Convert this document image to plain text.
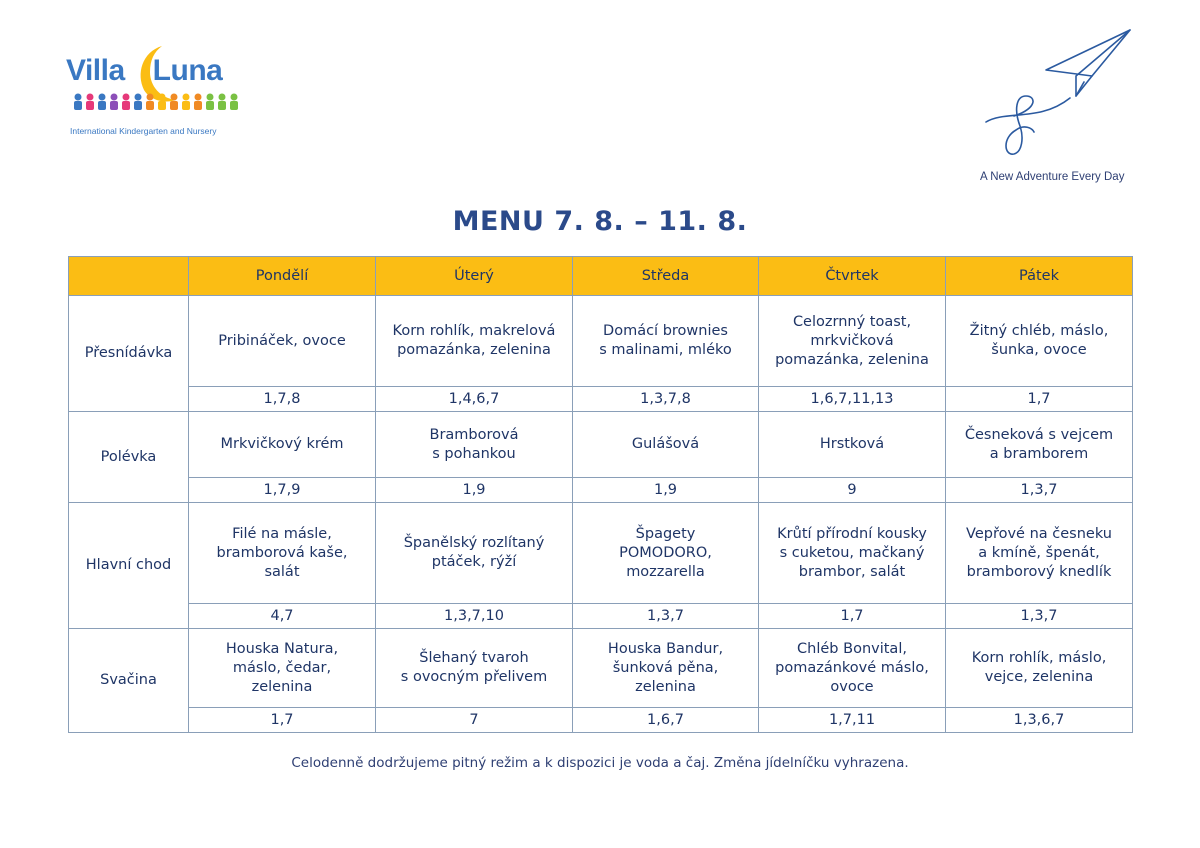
Villa Luna
International Kindergarten and Nursery
A New Adventure Every Day
MENU 7. 8. – 11. 8.
	Pondělí	Úterý	Středa	Čtvrtek	Pátek
Přesnídávka	Pribináček, ovoce	Korn rohlík, makrelová
pomazánka, zelenina	Domácí brownies
s malinami, mléko	Celozrnný toast,
mrkvičková
pomazánka, zelenina	Žitný chléb, máslo,
šunka, ovoce
	1,7,8	1,4,6,7	1,3,7,8	1,6,7,11,13	1,7
Polévka	Mrkvičkový krém	Bramborová
s pohankou	Gulášová	Hrstková	Česneková s vejcem
a bramborem
	1,7,9	1,9	1,9	9	1,3,7
Hlavní chod	Filé na másle,
bramborová kaše,
salát	Španělský rozlítaný
ptáček, rýží	Špagety
POMODORO,
mozzarella	Krůtí přírodní kousky
s cuketou, mačkaný
brambor, salát	Vepřové na česneku
a kmíně, špenát,
bramborový knedlík
	4,7	1,3,7,10	1,3,7	1,7	1,3,7
Svačina	Houska Natura,
máslo, čedar,
zelenina	Šlehaný tvaroh
s ovocným přelivem	Houska Bandur,
šunková pěna,
zelenina	Chléb Bonvital,
pomazánkové máslo,
ovoce	Korn rohlík, máslo,
vejce, zelenina
	1,7	7	1,6,7	1,7,11	1,3,6,7
Celodenně dodržujeme pitný režim a k dispozici je voda a čaj. Změna jídelníčku vyhrazena.
